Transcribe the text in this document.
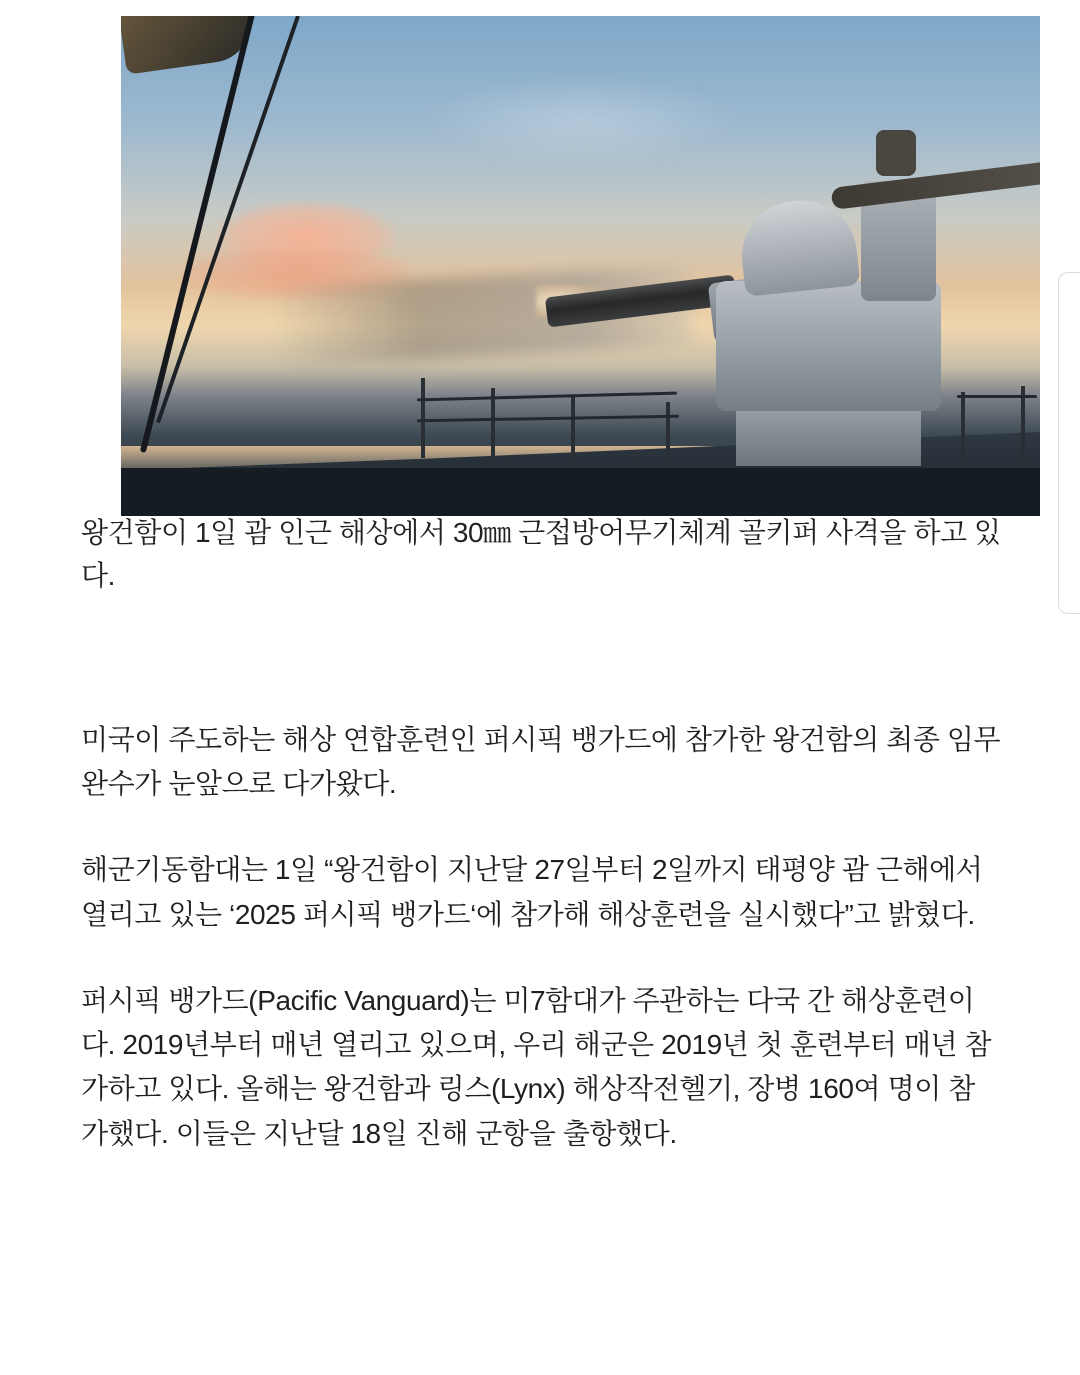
왕건함이 1일 괌 인근 해상에서 30㎜ 근접방어무기체계 골키퍼 사격을 하고 있다.

미국이 주도하는 해상 연합훈련인 퍼시픽 뱅가드에 참가한 왕건함의 최종 임무 완수가 눈앞으로 다가왔다.

해군기동함대는 1일 “왕건함이 지난달 27일부터 2일까지 태평양 괌 근해에서 열리고 있는 ‘2025 퍼시픽 뱅가드‘에 참가해 해상훈련을 실시했다”고 밝혔다.

퍼시픽 뱅가드(Pacific Vanguard)는 미7함대가 주관하는 다국 간 해상훈련이다. 2019년부터 매년 열리고 있으며, 우리 해군은 2019년 첫 훈련부터 매년 참가하고 있다. 올해는 왕건함과 링스(Lynx) 해상작전헬기, 장병 160여 명이 참가했다. 이들은 지난달 18일 진해 군항을 출항했다.
